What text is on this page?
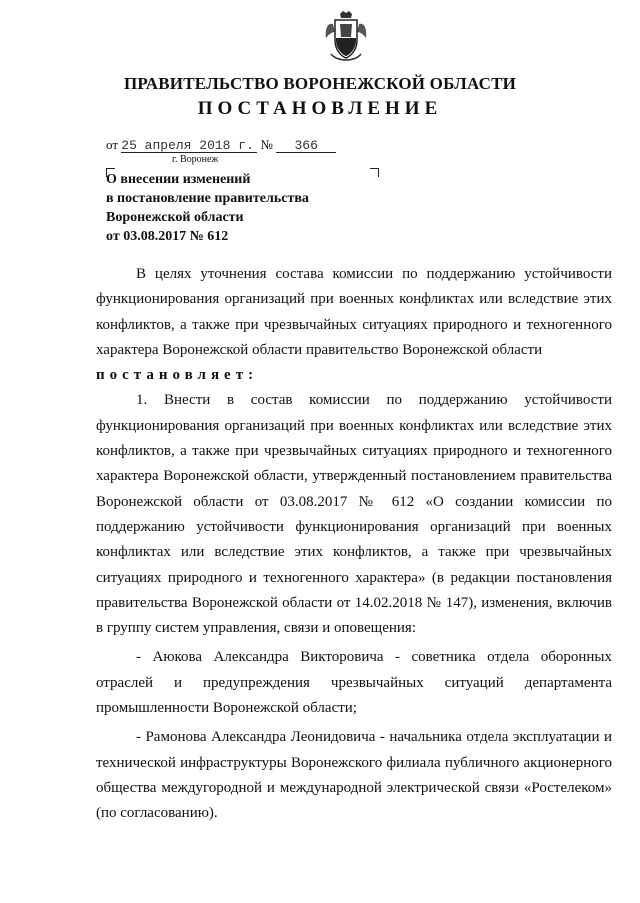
ПРАВИТЕЛЬСТВО ВОРОНЕЖСКОЙ ОБЛАСТИ
ПОСТАНОВЛЕНИЕ
от 25 апреля 2018 г. № 366
г. Воронеж
О внесении изменений
в постановление правительства
Воронежской области
от 03.08.2017 № 612

В целях уточнения состава комиссии по поддержанию устойчивости функционирования организаций при военных конфликтах или вследствие этих конфликтов, а также при чрезвычайных ситуациях природного и техногенного характера Воронежской области правительство Воронежской области

постановляет:

1. Внести в состав комиссии по поддержанию устойчивости функционирования организаций при военных конфликтах или вследствие этих конфликтов, а также при чрезвычайных ситуациях природного и техногенного характера Воронежской области, утвержденный постановлением правительства Воронежской области от 03.08.2017 № 612 «О создании комиссии по поддержанию устойчивости функционирования организаций при военных конфликтах или вследствие этих конфликтов, а также при чрезвычайных ситуациях природного и техногенного характера» (в редакции постановления правительства Воронежской области от 14.02.2018 № 147), изменения, включив в группу систем управления, связи и оповещения:

- Аюкова Александра Викторовича - советника отдела оборонных отраслей и предупреждения чрезвычайных ситуаций департамента промышленности Воронежской области;

- Рамонова Александра Леонидовича - начальника отдела эксплуатации и технической инфраструктуры Воронежского филиала публичного акционерного общества междугородной и международной электрической связи «Ростелеком» (по согласованию).
